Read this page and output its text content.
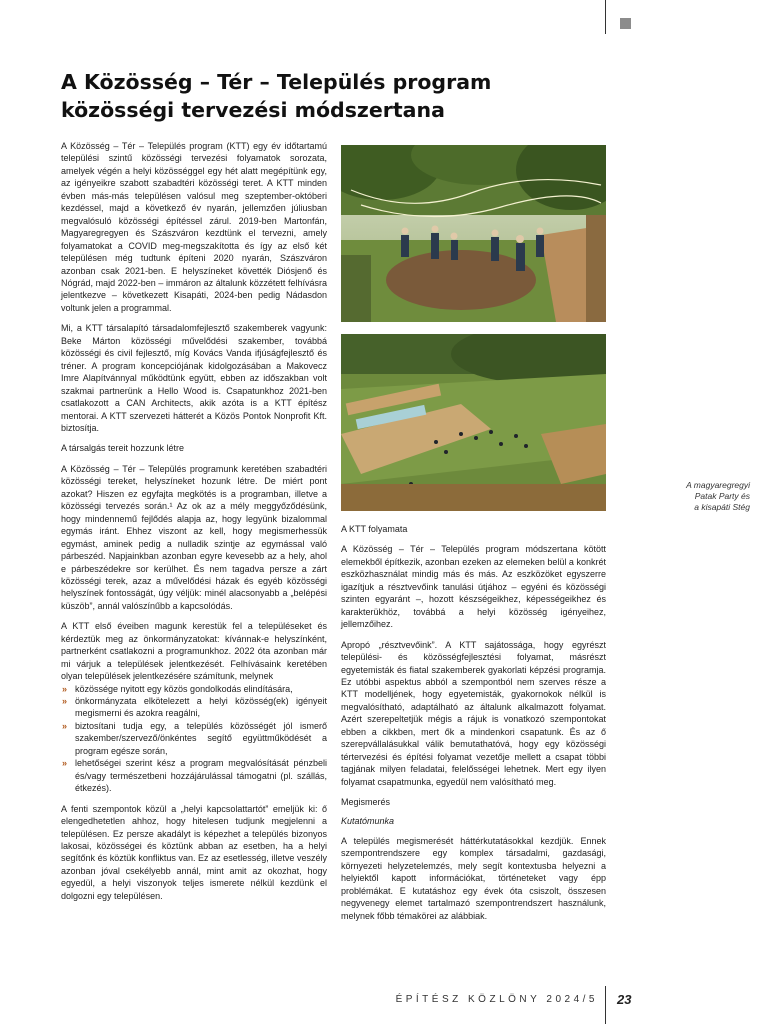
A Közösség – Tér – Település program
közösségi tervezési módszertana

A Közösség – Tér – Település program (KTT) egy év időtartamú települési szintű közösségi tervezési folyamatok sorozata, amelyek végén a helyi közösséggel egy hét alatt megépítünk egy, az igényeikre szabott szabadtéri közösségi teret. A KTT minden évben más-más településen valósul meg szeptember-októberi kezdéssel, majd a következő év nyarán, jellemzően júliusban megvalósuló közösségi építéssel zárul. 2019-ben Martonfán, Magyaregregyen és Szászváron kezdtünk el tervezni, amely folyamatokat a COVID meg-megszakította és így az első két településen még tudtunk építeni 2020 nyarán, Szászváron azonban csak 2021-ben. E helyszíneket követték Diósjenő és Nógrád, majd 2022-ben – immáron az általunk közzétett felhívásra jelentkezve – következett Kisapáti, 2024-ben pedig Nádasdon voltunk jelen a programmal.

Mi, a KTT társalapító társadalomfejlesztő szakemberek vagyunk: Beke Márton közösségi művelődési szakember, továbbá közösségi és civil fejlesztő, míg Kovács Vanda ifjúságfejlesztő és tréner. A program koncepciójának kidolgozásában a Makovecz Imre Alapítvánnyal működtünk együtt, ebben az időszakban volt szakmai partnerünk a Hello Wood is. Csapatunkhoz 2021-ben csatlakozott a CAN Architects, akik azóta is a KTT építész mentorai. A KTT szervezeti hátterét a Közös Pontok Nonprofit Kft. biztosítja.

A társalgás tereit hozzunk létre

A Közösség – Tér – Település programunk keretében szabadtéri közösségi tereket, helyszíneket hozunk létre. De miért pont azokat? Hiszen ez egyfajta megkötés is a programban, illetve a közösségi tervezés során.¹ Az ok az a mély meggyőződésünk, hogy mindennemű fejlődés alapja az, hogy legyünk bizalommal egymás iránt. Ehhez viszont az kell, hogy megismerhessük egymást, aminek pedig a nulladik szintje az egymással való párbeszéd. Napjainkban azonban egyre kevesebb az a hely, ahol e párbeszédekre sor kerülhet. És nem tagadva persze a zárt közösségi terek, azaz a művelődési házak és egyéb közösségi helyszínek fontosságát, úgy véljük: minél alacsonyabb a „belépési küszöb”, annál valószínűbb a kapcsolódás.

A KTT első éveiben magunk kerestük fel a településeket és kérdeztük meg az önkormányzatokat: kívánnak-e helyszínként, partnerként csatlakozni a programunkhoz. 2022 óta azonban már mi várjuk a települések jelentkezését. Felhívásaink keretében olyan települések jelentkezésére számítunk, melynek

» közössége nyitott egy közös gondolkodás elindítására,
» önkormányzata elkötelezett a helyi közösség(ek) igényeit megismerni és azokra reagálni,
» biztosítani tudja egy, a település közösségét jól ismerő szakember/szervező/önkéntes segítő együttműködését a program egésze során,
» lehetőségei szerint kész a program megvalósítását pénzbeli és/vagy természetbeni hozzájárulással támogatni (pl. szállás, étkezés).

A fenti szempontok közül a „helyi kapcsolattartót” emeljük ki: ő elengedhetetlen ahhoz, hogy hitelesen tudjunk megjelenni a településen. Ez persze akadályt is képezhet a település bizonyos lakosai, közösségei és köztünk abban az esetben, ha a helyi segítőnk és köztük konfliktus van. Ez az esetlesség, illetve veszély azonban jóval csekélyebb annál, mint amit az okozhat, hogy egyedül, a helyi viszonyok teljes ismerete nélkül kezdünk el dolgozni egy településen.

A magyaregregyi
Patak Party és
a kisapáti Stég
A KTT folyamata

A Közösség – Tér – Település program módszertana kötött elemekből építkezik, azonban ezeken az elemeken belül a konkrét eszközhasználat mindig más és más. Az eszközöket egyszerre igazítjuk a résztvevőink tanulási útjához – egyéni és közösségi szinten egyaránt –, hozott készségeikhez, képességeikhez és karakterükhöz, továbbá a helyi közösség igényeihez, jellemzőihez.

Apropó „résztvevőink”. A KTT sajátossága, hogy egyrészt települési- és közösségfejlesztési folyamat, másrészt egyetemisták és fiatal szakemberek gyakorlati képzési programja. Ez utóbbi aspektus abból a szempontból nem szerves része a KTT modelljének, hogy egyetemisták, gyakornokok nélkül is megvalósítható, adaptálható az általunk alkalmazott folyamat. Azért szerepeltetjük mégis a rájuk is vonatkozó szempontokat ebben a cikkben, mert ők a mindenkori csapatunk. És az ő szerepvállalásukkal válik bemutathatóvá, hogy egy közösségi tértervezési és építési folyamat vezetője mellett a csapat többi tagjának milyen feladatai, felelősségei lehetnek. Mert egy ilyen folyamat csapatmunka, egyedül nem valósítható meg.

Megismerés
Kutatómunka

A település megismerését háttérkutatásokkal kezdjük. Ennek szempontrendszere egy komplex társadalmi, gazdasági, környezeti helyzetelemzés, mely segít kontextusba helyezni a helyiektől kapott információkat, történeteket vagy épp problémákat. E kutatáshoz egy évek óta csiszolt, összesen negyvenegy elemet tartalmazó szempontrendszert használunk, melynek főbb témakörei az alábbiak.

ÉPÍTÉSZ KÖZLÖNY 2024/5 23
